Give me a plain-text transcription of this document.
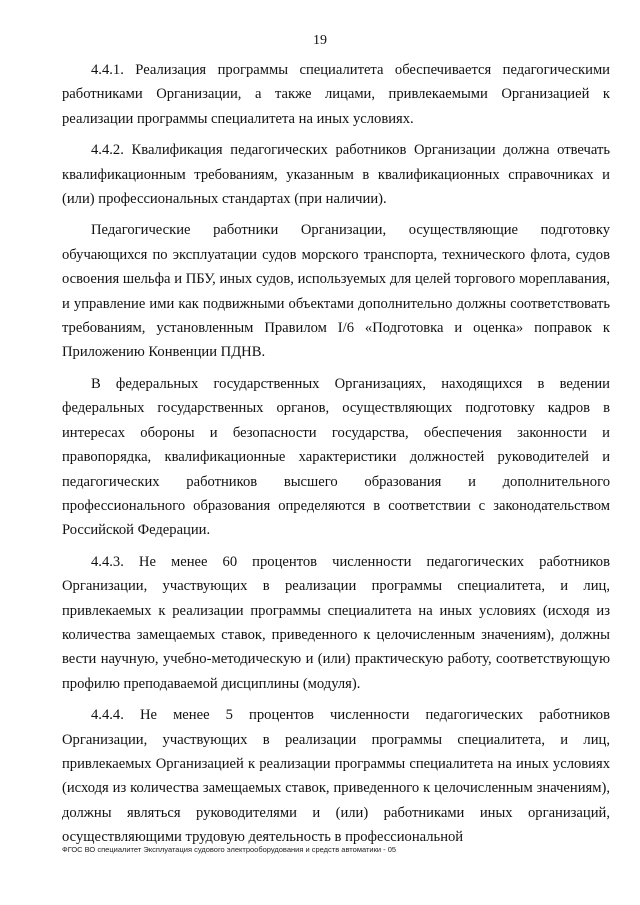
19

4.4.1. Реализация программы специалитета обеспечивается педагогическими работниками Организации, а также лицами, привлекаемыми Организацией к реализации программы специалитета на иных условиях.

4.4.2. Квалификация педагогических работников Организации должна отвечать квалификационным требованиям, указанным в квалификационных справочниках и (или) профессиональных стандартах (при наличии).

Педагогические работники Организации, осуществляющие подготовку обучающихся по эксплуатации судов морского транспорта, технического флота, судов освоения шельфа и ПБУ, иных судов, используемых для целей торгового мореплавания, и управление ими как подвижными объектами дополнительно должны соответствовать требованиям, установленным Правилом I/6 «Подготовка и оценка» поправок к Приложению Конвенции ПДНВ.

В федеральных государственных Организациях, находящихся в ведении федеральных государственных органов, осуществляющих подготовку кадров в интересах обороны и безопасности государства, обеспечения законности и правопорядка, квалификационные характеристики должностей руководителей и педагогических работников высшего образования и дополнительного профессионального образования определяются в соответствии с законодательством Российской Федерации.

4.4.3. Не менее 60 процентов численности педагогических работников Организации, участвующих в реализации программы специалитета, и лиц, привлекаемых к реализации программы специалитета на иных условиях (исходя из количества замещаемых ставок, приведенного к целочисленным значениям), должны вести научную, учебно-методическую и (или) практическую работу, соответствующую профилю преподаваемой дисциплины (модуля).

4.4.4. Не менее 5 процентов численности педагогических работников Организации, участвующих в реализации программы специалитета, и лиц, привлекаемых Организацией к реализации программы специалитета на иных условиях (исходя из количества замещаемых ставок, приведенного к целочисленным значениям), должны являться руководителями и (или) работниками иных организаций, осуществляющими трудовую деятельность в профессиональной

ФГОС ВО специалитет Эксплуатация судового электрооборудования и средств автоматики - 05
